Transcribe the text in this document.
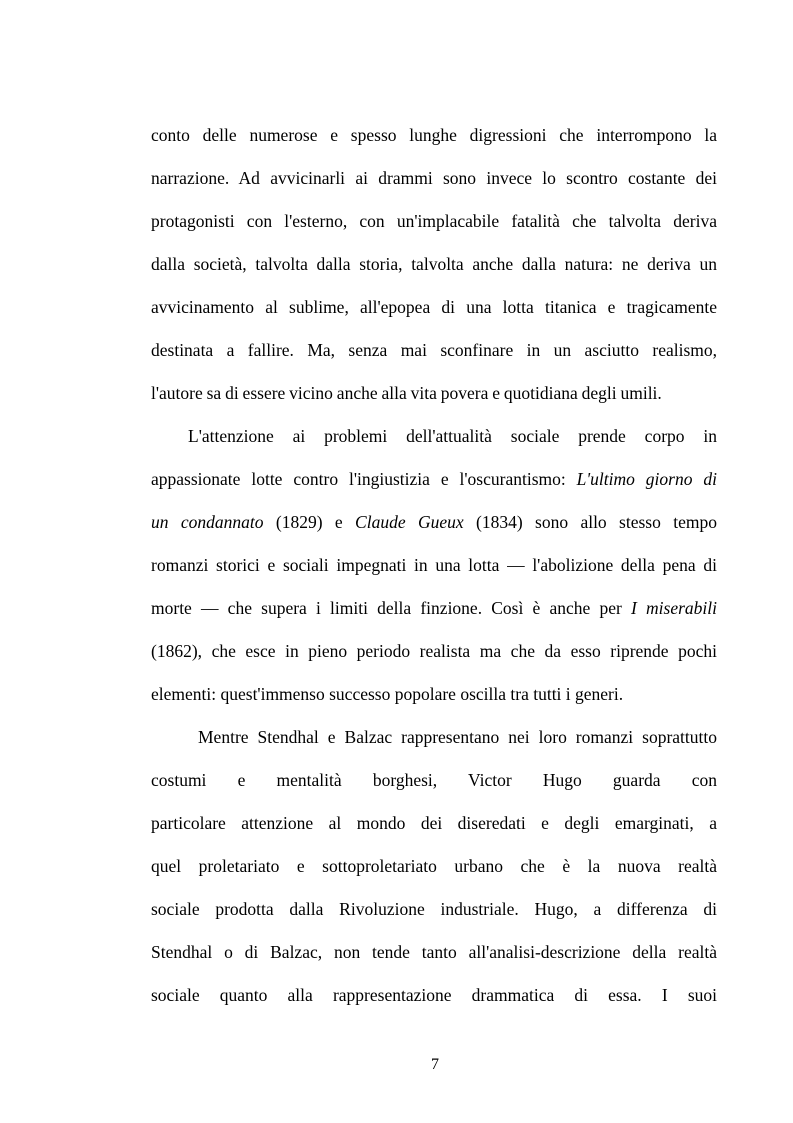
conto delle numerose e spesso lunghe digressioni che interrompono la
narrazione. Ad avvicinarli ai drammi sono invece lo scontro costante dei
protagonisti con l'esterno, con un'implacabile fatalità che talvolta deriva
dalla società, talvolta dalla storia, talvolta anche dalla natura: ne deriva un
avvicinamento al sublime, all'epopea di una lotta titanica e tragicamente
destinata a fallire. Ma, senza mai sconfinare in un asciutto realismo,
l'autore sa di essere vicino anche alla vita povera e quotidiana degli umili.
L'attenzione ai problemi dell'attualità sociale prende corpo in
appassionate lotte contro l'ingiustizia e l'oscurantismo: L'ultimo giorno di
un condannato (1829) e Claude Gueux (1834) sono allo stesso tempo
romanzi storici e sociali impegnati in una lotta — l'abolizione della pena di
morte — che supera i limiti della finzione. Così è anche per I miserabili
(1862), che esce in pieno periodo realista ma che da esso riprende pochi
elementi: quest'immenso successo popolare oscilla tra tutti i generi.
Mentre Stendhal e Balzac rappresentano nei loro romanzi soprattutto
costumi e mentalità borghesi, Victor Hugo guarda con
particolare attenzione al mondo dei diseredati e degli emarginati, a
quel proletariato e sottoproletariato urbano che è la nuova realtà
sociale prodotta dalla Rivoluzione industriale. Hugo, a differenza di
Stendhal o di Balzac, non tende tanto all'analisi-descrizione della realtà
sociale quanto alla rappresentazione drammatica di essa. I suoi
7
